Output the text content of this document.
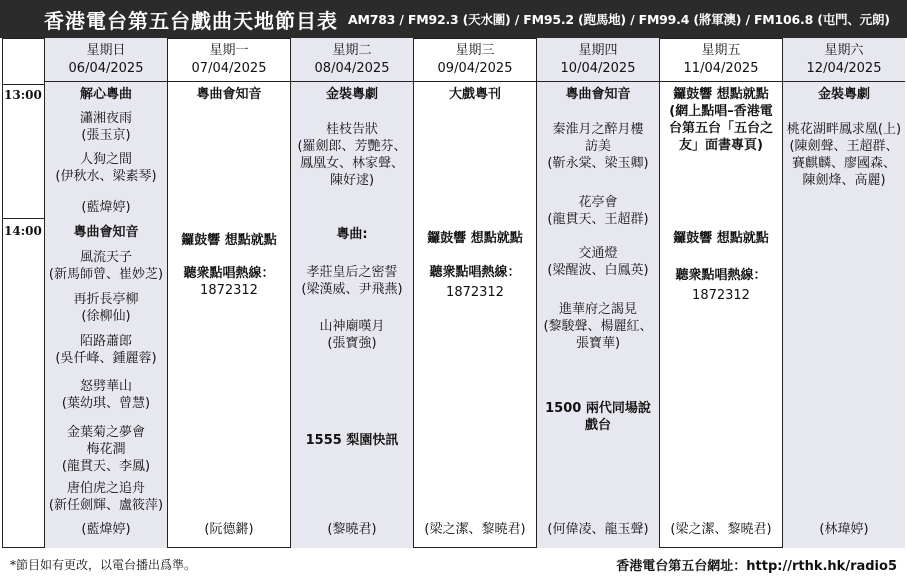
香港電台第五台戲曲天地節目表 AM783 / FM92.3 (天水圍) / FM95.2 (跑馬地) / FM99.4 (將軍澳) / FM106.8 (屯門、元朗)
13:00
14:00
星期日
06/04/2025
解心粵曲
瀟湘夜雨
(張玉京)
人狗之間
(伊秋水、梁素琴)
(藍煒婷)
粵曲會知音
風流天子
(新馬師曾、崔妙芝)
再折長亭柳
(徐柳仙)
陌路蕭郎
(吳仟峰、鍾麗蓉)
怒劈華山
(葉幼琪、曾慧)
金葉菊之夢會
梅花澗
(龍貫天、李鳳)
唐伯虎之追舟
(新任劍輝、盧筱萍)
(藍煒婷)
星期一
07/04/2025
粵曲會知音
鑼鼓響 想點就點
聽衆點唱熱線：
1872312
(阮德鏘)
星期二
08/04/2025
金裝粵劇
桂枝告狀
(羅劍郎、芳艷芬、
鳳凰女、林家聲、
陳好逑)
粵曲:
孝莊皇后之密誓
(梁漢威、尹飛燕)
山神廟嘆月
(張寶強)
1555 梨園快訊
(黎曉君)
星期三
09/04/2025
大戲粵刊
鑼鼓響 想點就點
聽衆點唱熱線：
1872312
(梁之潔、黎曉君)
星期四
10/04/2025
粵曲會知音
秦淮月之醉月樓
訪美
(靳永棠、梁玉卿)
花亭會
(龍貫天、王超群)
交通燈
(梁醒波、白鳳英)
進華府之謁見
(黎駿聲、楊麗紅、
張寶華)
1500 兩代同場說
戲台
(何偉凌、龍玉聲)
星期五
11/04/2025
鑼鼓響 想點就點
(網上點唱–香港電
台第五台「五台之
友」面書專頁)
鑼鼓響 想點就點
聽衆點唱熱線：
1872312
(梁之潔、黎曉君)
星期六
12/04/2025
金裝粵劇
桃花湖畔鳳求凰(上)
(陳劍聲、王超群、
賽麒麟、廖國森、
陳劍烽、高麗)
(林瑋婷)
*節目如有更改，以電台播出爲準。	香港電台第五台網址：http://rthk.hk/radio5
